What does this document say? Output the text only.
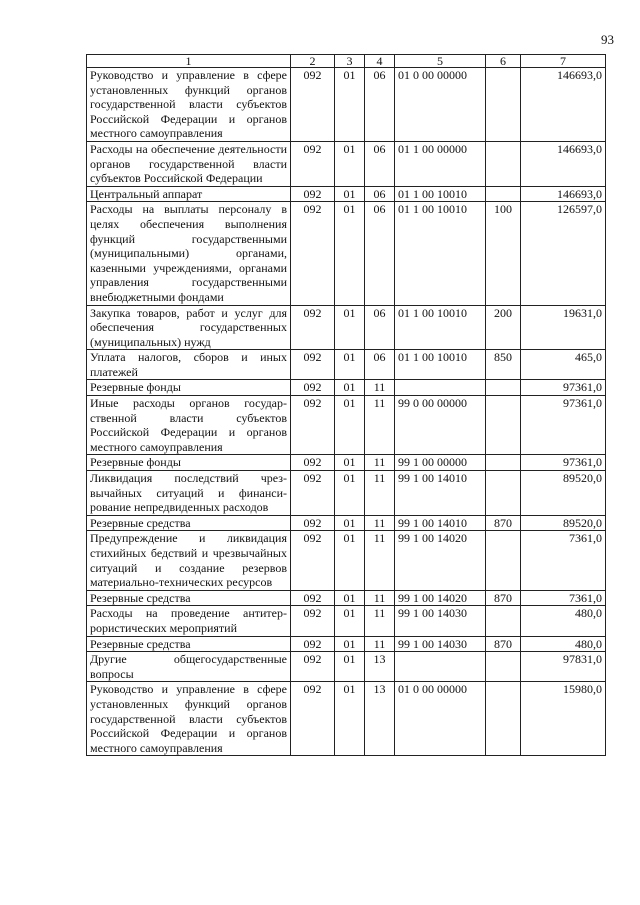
93
1	2	3	4	5	6	7
Руководство и управление в сфере установленных функций органов государственной власти субъектов Российской Федерации и органов местного самоуправления	092	01	06	01 0 00 00000		146693,0
Расходы на обеспечение деятельности органов государственной власти субъектов Российской Федерации	092	01	06	01 1 00 00000		146693,0
Центральный аппарат	092	01	06	01 1 00 10010		146693,0
Расходы на выплаты персоналу в целях обеспечения выполнения функций государственными (муниципальными) органами, казенными учреждениями, органами управления государственными внебюджетными фондами	092	01	06	01 1 00 10010	100	126597,0
Закупка товаров, работ и услуг для обеспечения государственных (муниципальных) нужд	092	01	06	01 1 00 10010	200	19631,0
Уплата налогов, сборов и иных платежей	092	01	06	01 1 00 10010	850	465,0
Резервные фонды	092	01	11			97361,0
Иные расходы органов государственной власти субъектов Российской Федерации и органов местного самоуправления	092	01	11	99 0 00 00000		97361,0
Резервные фонды	092	01	11	99 1 00 00000		97361,0
Ликвидация последствий чрезвычайных ситуаций и финансирование непредвиденных расходов	092	01	11	99 1 00 14010		89520,0
Резервные средства	092	01	11	99 1 00 14010	870	89520,0
Предупреждение и ликвидация стихийных бедствий и чрезвычайных ситуаций и создание резервов материально-технических ресурсов	092	01	11	99 1 00 14020		7361,0
Резервные средства	092	01	11	99 1 00 14020	870	7361,0
Расходы на проведение антитеррористических мероприятий	092	01	11	99 1 00 14030		480,0
Резервные средства	092	01	11	99 1 00 14030	870	480,0
Другие общегосударственные вопросы	092	01	13			97831,0
Руководство и управление в сфере установленных функций органов государственной власти субъектов Российской Федерации и органов местного самоуправления	092	01	13	01 0 00 00000		15980,0
